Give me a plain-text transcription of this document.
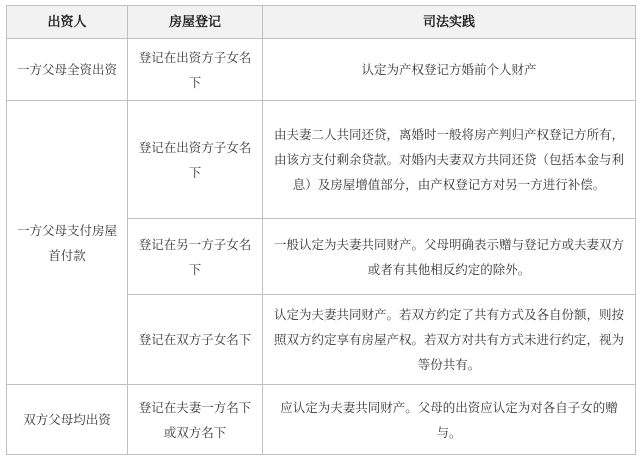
出资人	房屋登记	司法实践
一方父母全资出资	登记在出资方子女名下	认定为产权登记方婚前个人财产
一方父母支付房屋首付款	登记在出资方子女名下	由夫妻二人共同还贷，离婚时一般将房产判归产权登记方所有，由该方支付剩余贷款。对婚内夫妻双方共同还贷（包括本金与利息）及房屋增值部分，由产权登记方对另一方进行补偿。
	登记在另一方子女名下	一般认定为夫妻共同财产。父母明确表示赠与登记方或夫妻双方或者有其他相反约定的除外。
	登记在双方子女名下	认定为夫妻共同财产。若双方约定了共有方式及各自份额，则按照双方约定享有房屋产权。若双方对共有方式未进行约定，视为等份共有。
双方父母均出资	登记在夫妻一方名下或双方名下	应认定为夫妻共同财产。父母的出资应认定为对各自子女的赠与。
